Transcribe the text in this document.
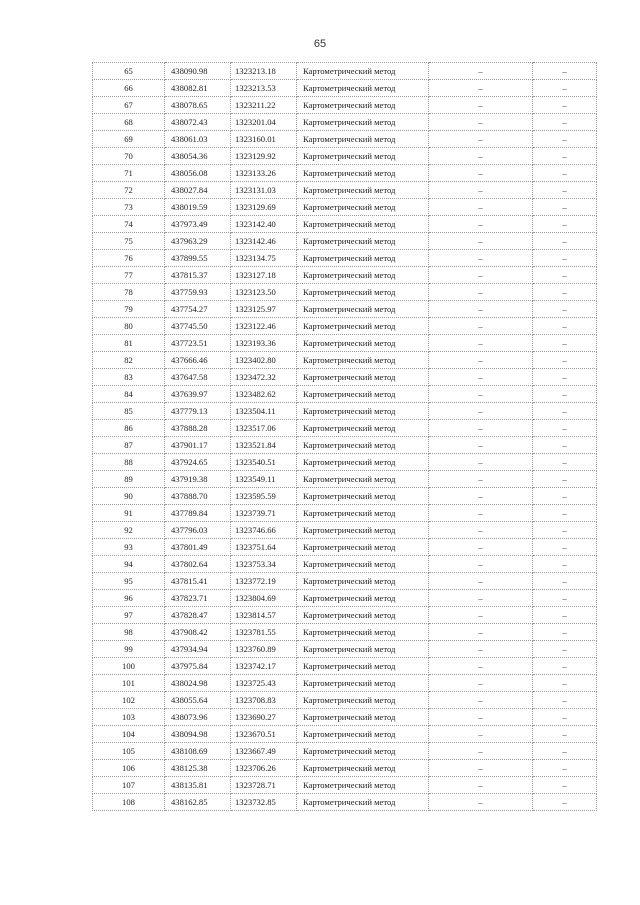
65
65	438090.98	1323213.18	Картометрический метод	–	–
66	438082.81	1323213.53	Картометрический метод	–	–
67	438078.65	1323211.22	Картометрический метод	–	–
68	438072.43	1323201.04	Картометрический метод	–	–
69	438061.03	1323160.01	Картометрический метод	–	–
70	438054.36	1323129.92	Картометрический метод	–	–
71	438056.08	1323133.26	Картометрический метод	–	–
72	438027.84	1323131.03	Картометрический метод	–	–
73	438019.59	1323129.69	Картометрический метод	–	–
74	437973.49	1323142.40	Картометрический метод	–	–
75	437963.29	1323142.46	Картометрический метод	–	–
76	437899.55	1323134.75	Картометрический метод	–	–
77	437815.37	1323127.18	Картометрический метод	–	–
78	437759.93	1323123.50	Картометрический метод	–	–
79	437754.27	1323125.97	Картометрический метод	–	–
80	437745.50	1323122.46	Картометрический метод	–	–
81	437723.51	1323193.36	Картометрический метод	–	–
82	437666.46	1323402.80	Картометрический метод	–	–
83	437647.58	1323472.32	Картометрический метод	–	–
84	437639.97	1323482.62	Картометрический метод	–	–
85	437779.13	1323504.11	Картометрический метод	–	–
86	437888.28	1323517.06	Картометрический метод	–	–
87	437901.17	1323521.84	Картометрический метод	–	–
88	437924.65	1323540.51	Картометрический метод	–	–
89	437919.38	1323549.11	Картометрический метод	–	–
90	437888.70	1323595.59	Картометрический метод	–	–
91	437789.84	1323739.71	Картометрический метод	–	–
92	437796.03	1323746.66	Картометрический метод	–	–
93	437801.49	1323751.64	Картометрический метод	–	–
94	437802.64	1323753.34	Картометрический метод	–	–
95	437815.41	1323772.19	Картометрический метод	–	–
96	437823.71	1323804.69	Картометрический метод	–	–
97	437828.47	1323814.57	Картометрический метод	–	–
98	437908.42	1323781.55	Картометрический метод	–	–
99	437934.94	1323760.89	Картометрический метод	–	–
100	437975.84	1323742.17	Картометрический метод	–	–
101	438024.98	1323725.43	Картометрический метод	–	–
102	438055.64	1323708.83	Картометрический метод	–	–
103	438073.96	1323690.27	Картометрический метод	–	–
104	438094.98	1323670.51	Картометрический метод	–	–
105	438108.69	1323667.49	Картометрический метод	–	–
106	438125.38	1323706.26	Картометрический метод	–	–
107	438135.81	1323728.71	Картометрический метод	–	–
108	438162.85	1323732.85	Картометрический метод	–	–
